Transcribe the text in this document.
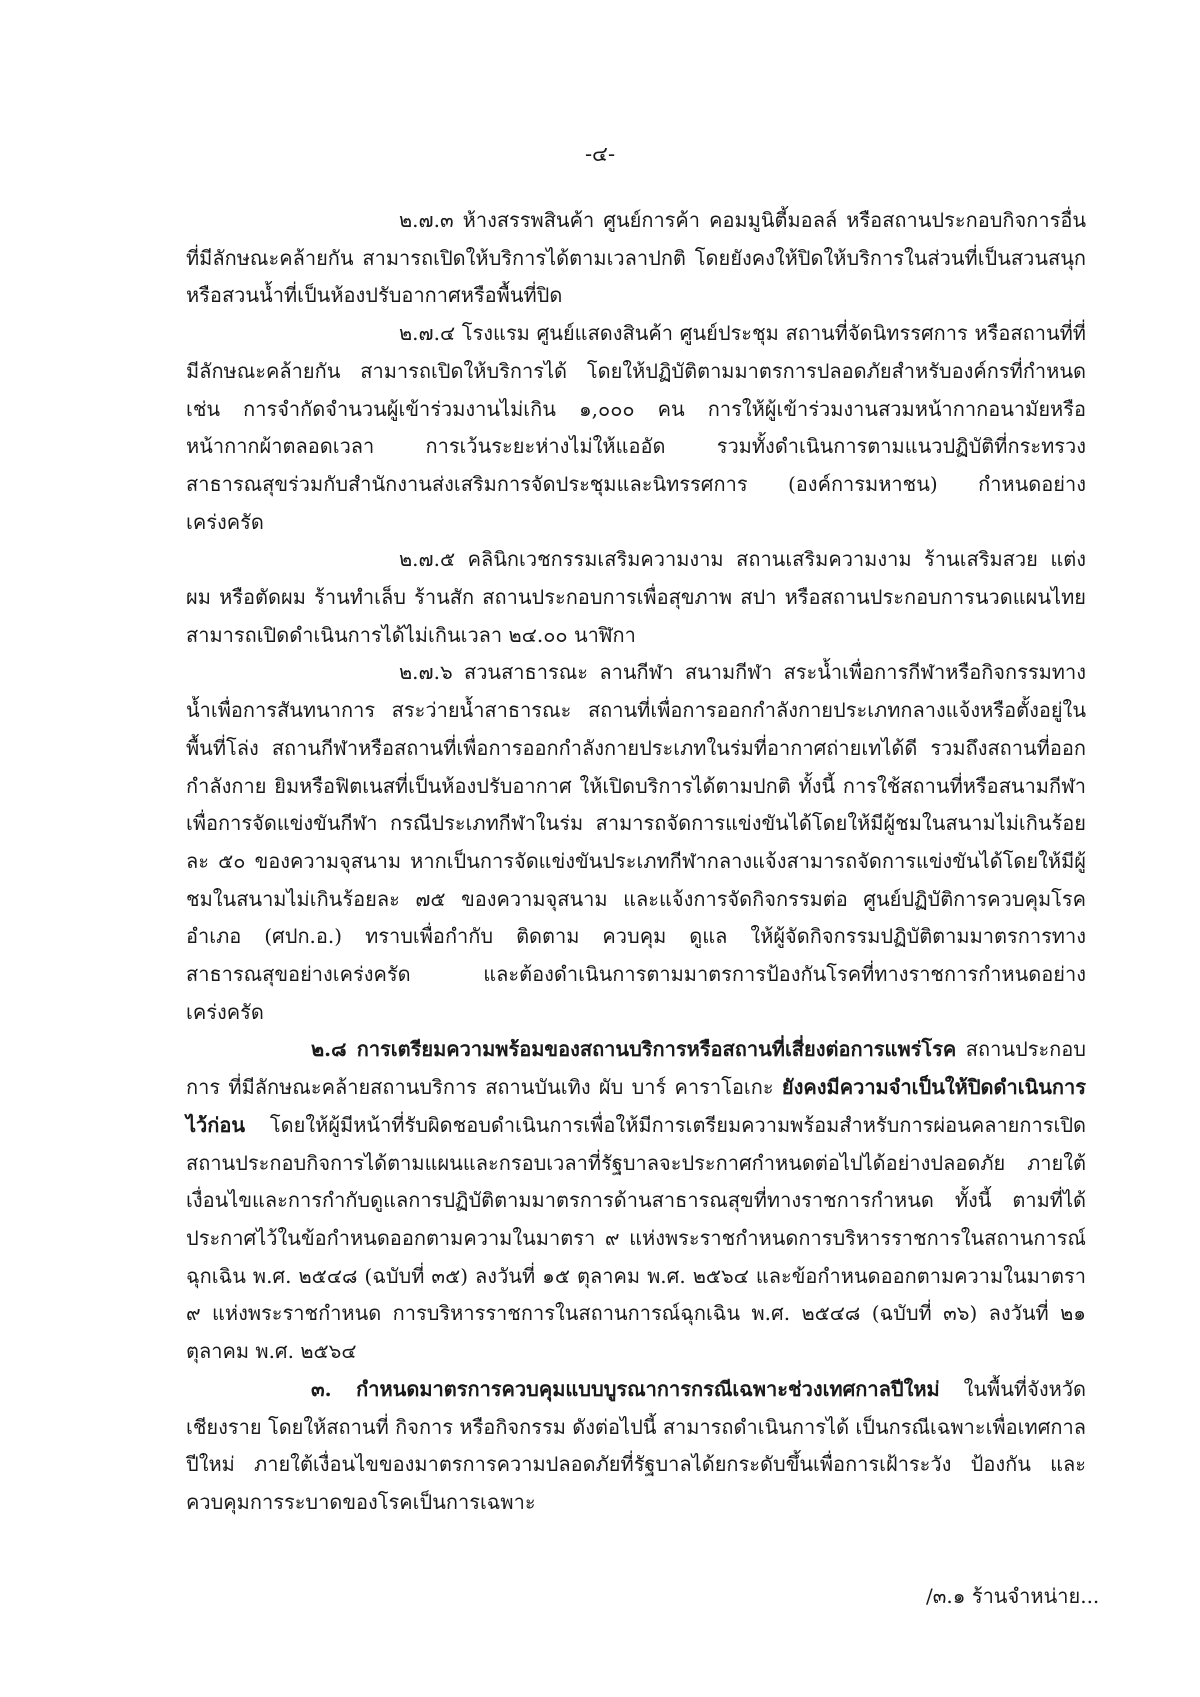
-๔-

๒.๗.๓ ห้างสรรพสินค้า ศูนย์การค้า คอมมูนิตี้มอลล์ หรือสถานประกอบกิจการอื่น ที่มีลักษณะคล้ายกัน สามารถเปิดให้บริการได้ตามเวลาปกติ โดยยังคงให้ปิดให้บริการในส่วนที่เป็นสวนสนุก หรือสวนน้ำที่เป็นห้องปรับอากาศหรือพื้นที่ปิด

๒.๗.๔ โรงแรม ศูนย์แสดงสินค้า ศูนย์ประชุม สถานที่จัดนิทรรศการ หรือสถานที่ที่มีลักษณะคล้ายกัน สามารถเปิดให้บริการได้ โดยให้ปฏิบัติตามมาตรการปลอดภัยสำหรับองค์กรที่กำหนด เช่น การจำกัดจำนวนผู้เข้าร่วมงานไม่เกิน ๑,๐๐๐ คน การให้ผู้เข้าร่วมงานสวมหน้ากากอนามัยหรือหน้ากากผ้าตลอดเวลา การเว้นระยะห่างไม่ให้แออัด รวมทั้งดำเนินการตามแนวปฏิบัติที่กระทรวงสาธารณสุขร่วมกับสำนักงานส่งเสริมการจัดประชุมและนิทรรศการ (องค์การมหาชน) กำหนดอย่างเคร่งครัด

๒.๗.๕ คลินิกเวชกรรมเสริมความงาม สถานเสริมความงาม ร้านเสริมสวย แต่งผม หรือตัดผม ร้านทำเล็บ ร้านสัก สถานประกอบการเพื่อสุขภาพ สปา หรือสถานประกอบการนวดแผนไทย สามารถเปิดดำเนินการได้ไม่เกินเวลา ๒๔.๐๐ นาฬิกา

๒.๗.๖ สวนสาธารณะ ลานกีฬา สนามกีฬา สระน้ำเพื่อการกีฬาหรือกิจกรรมทางน้ำเพื่อการสันทนาการ สระว่ายน้ำสาธารณะ สถานที่เพื่อการออกกำลังกายประเภทกลางแจ้งหรือตั้งอยู่ในพื้นที่โล่ง สถานกีฬาหรือสถานที่เพื่อการออกกำลังกายประเภทในร่มที่อากาศถ่ายเทได้ดี รวมถึงสถานที่ออกกำลังกาย ยิมหรือฟิตเนสที่เป็นห้องปรับอากาศ ให้เปิดบริการได้ตามปกติ ทั้งนี้ การใช้สถานที่หรือสนามกีฬาเพื่อการจัดแข่งขันกีฬา กรณีประเภทกีฬาในร่ม สามารถจัดการแข่งขันได้โดยให้มีผู้ชมในสนามไม่เกินร้อยละ ๕๐ ของความจุสนาม หากเป็นการจัดแข่งขันประเภทกีฬากลางแจ้งสามารถจัดการแข่งขันได้โดยให้มีผู้ชมในสนามไม่เกินร้อยละ ๗๕ ของความจุสนาม และแจ้งการจัดกิจกรรมต่อ ศูนย์ปฏิบัติการควบคุมโรคอำเภอ (ศปก.อ.) ทราบเพื่อกำกับ ติดตาม ควบคุม ดูแล ให้ผู้จัดกิจกรรมปฏิบัติตามมาตรการทางสาธารณสุขอย่างเคร่งครัด และต้องดำเนินการตามมาตรการป้องกันโรคที่ทางราชการกำหนดอย่างเคร่งครัด

๒.๘ การเตรียมความพร้อมของสถานบริการหรือสถานที่เสี่ยงต่อการแพร่โรค สถานประกอบการ ที่มีลักษณะคล้ายสถานบริการ สถานบันเทิง ผับ บาร์ คาราโอเกะ ยังคงมีความจำเป็นให้ปิดดำเนินการไว้ก่อน โดยให้ผู้มีหน้าที่รับผิดชอบดำเนินการเพื่อให้มีการเตรียมความพร้อมสำหรับการผ่อนคลายการเปิดสถานประกอบกิจการได้ตามแผนและกรอบเวลาที่รัฐบาลจะประกาศกำหนดต่อไปได้อย่างปลอดภัย ภายใต้เงื่อนไขและการกำกับดูแลการปฏิบัติตามมาตรการด้านสาธารณสุขที่ทางราชการกำหนด ทั้งนี้ ตามที่ได้ประกาศไว้ในข้อกำหนดออกตามความในมาตรา ๙ แห่งพระราชกำหนดการบริหารราชการในสถานการณ์ฉุกเฉิน พ.ศ. ๒๕๔๘ (ฉบับที่ ๓๕) ลงวันที่ ๑๕ ตุลาคม พ.ศ. ๒๕๖๔ และข้อกำหนดออกตามความในมาตรา ๙ แห่งพระราชกำหนด การบริหารราชการในสถานการณ์ฉุกเฉิน พ.ศ. ๒๕๔๘ (ฉบับที่ ๓๖) ลงวันที่ ๒๑ ตุลาคม พ.ศ. ๒๕๖๔

๓. กำหนดมาตรการควบคุมแบบบูรณาการกรณีเฉพาะช่วงเทศกาลปีใหม่ ในพื้นที่จังหวัดเชียงราย โดยให้สถานที่ กิจการ หรือกิจกรรม ดังต่อไปนี้ สามารถดำเนินการได้ เป็นกรณีเฉพาะเพื่อเทศกาลปีใหม่ ภายใต้เงื่อนไขของมาตรการความปลอดภัยที่รัฐบาลได้ยกระดับขึ้นเพื่อการเฝ้าระวัง ป้องกัน และควบคุมการระบาดของโรคเป็นการเฉพาะ

/๓.๑ ร้านจำหน่าย...
